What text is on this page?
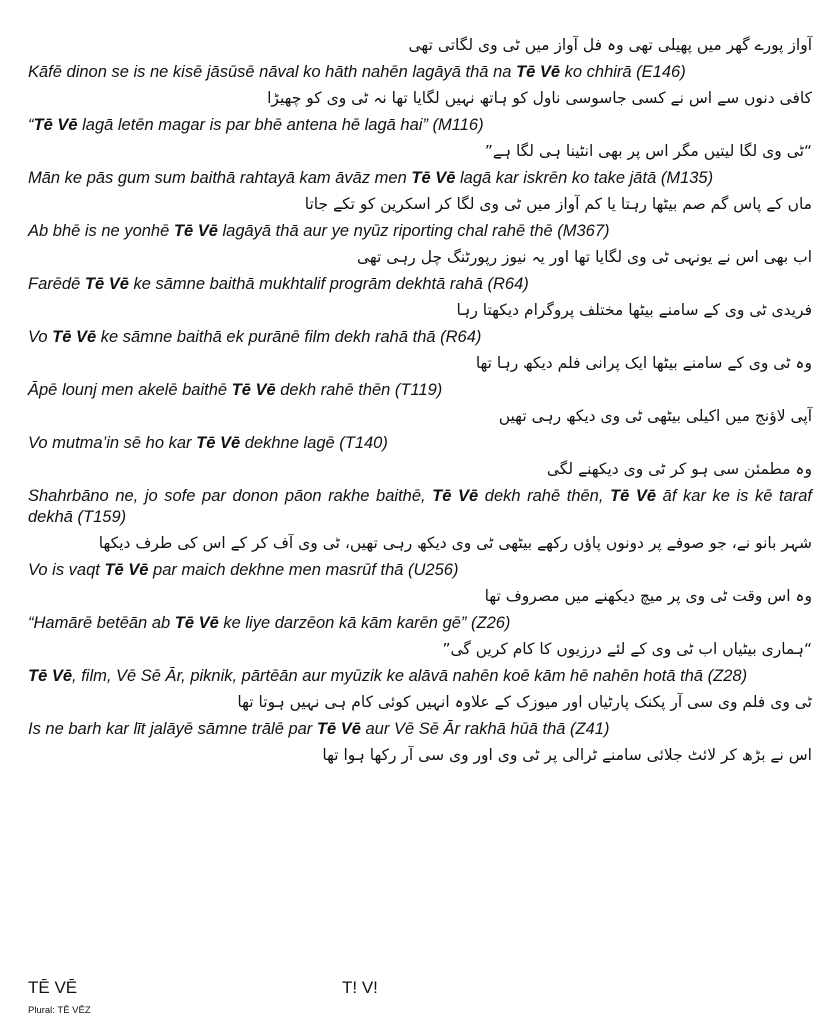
آواز پورے گھر میں پھیلی تھی وہ فل آواز میں ٹی وی لگاتی تھی

Kāfē dinon se is ne kisē jāsūsē nāval ko hāth nahēn lagāyā thā na Tē Vē ko chhirā (E146)

کافی دنوں سے اس نے کسی جاسوسی ناول کو ہاتھ نہیں لگایا تھا نہ ٹی وی کو چھیڑا

“Tē Vē lagā letēn magar is par bhē antena hē lagā hai” (M116)

“ٹی وی لگا لیتیں مگر اس پر بھی انٹینا ہی لگا ہے”

Mān ke pās gum sum baithā rahtayā kam āvāz men Tē Vē lagā kar iskrēn ko take jātā (M135)

ماں کے پاس گم صم بیٹھا رہتا یا کم آواز میں ٹی وی لگا کر اسکرین کو تکے جاتا

Ab bhē is ne yonhē Tē Vē lagāyā thā aur ye nyūz riporting chal rahē thē (M367)

اب بھی اس نے یونہی ٹی وی لگایا تھا اور یہ نیوز رپورٹنگ چل رہی تھی

Farēdē Tē Vē ke sāmne baithā mukhtalif progrām dekhtā rahā (R64)

فریدی ٹی وی کے سامنے بیٹھا مختلف پروگرام دیکھتا رہا

Vo Tē Vē ke sāmne baithā ek purānē film dekh rahā thā (R64)

وہ ٹی وی کے سامنے بیٹھا ایک پرانی فلم دیکھ رہا تھا

Āpē lounj men akelē baithē Tē Vē dekh rahē thēn (T119)

آپی لاؤنج میں اکیلی بیٹھی ٹی وی دیکھ رہی تھیں

Vo mutma’in sē ho kar Tē Vē dekhne lagē (T140)

وہ مطمئن سی ہو کر ٹی وی دیکھنے لگی

Shahrbāno ne, jo sofe par donon pāon rakhe baithē, Tē Vē dekh rahē thēn, Tē Vē āf kar ke is kē taraf dekhā (T159)

شہر بانو نے، جو صوفے پر دونوں پاؤں رکھے بیٹھی ٹی وی دیکھ رہی تھیں، ٹی وی آف کر کے اس کی طرف دیکھا

Vo is vaqt Tē Vē par maich dekhne men masrūf thā (U256)

وہ اس وقت ٹی وی پر میچ دیکھنے میں مصروف تھا

“Hamārē betēān ab Tē Vē ke liye darzēon kā kām karēn gē” (Z26)

“ہماری بیٹیاں اب ٹی وی کے لئے درزیوں کا کام کریں گی”

Tē Vē, film, Vē Sē Ār, piknik, pārtēān aur myūzik ke alāvā nahēn koē kām hē nahēn hotā thā (Z28)

ٹی وی فلم وی سی آر پکنک پارٹیاں اور میوزک کے علاوہ انہیں کوئی کام ہی نہیں ہوتا تھا

Is ne barh kar līt jalāyē sāmne trālē par Tē Vē aur Vē Sē Ār rakhā hūā thā (Z41)

اس نے بڑھ کر لائٹ جلائی سامنے ٹرالی پر ٹی وی اور وی سی آر رکھا ہوا تھا

TĒ VĒ	T! V!
Plural: TĒ VĒZ
